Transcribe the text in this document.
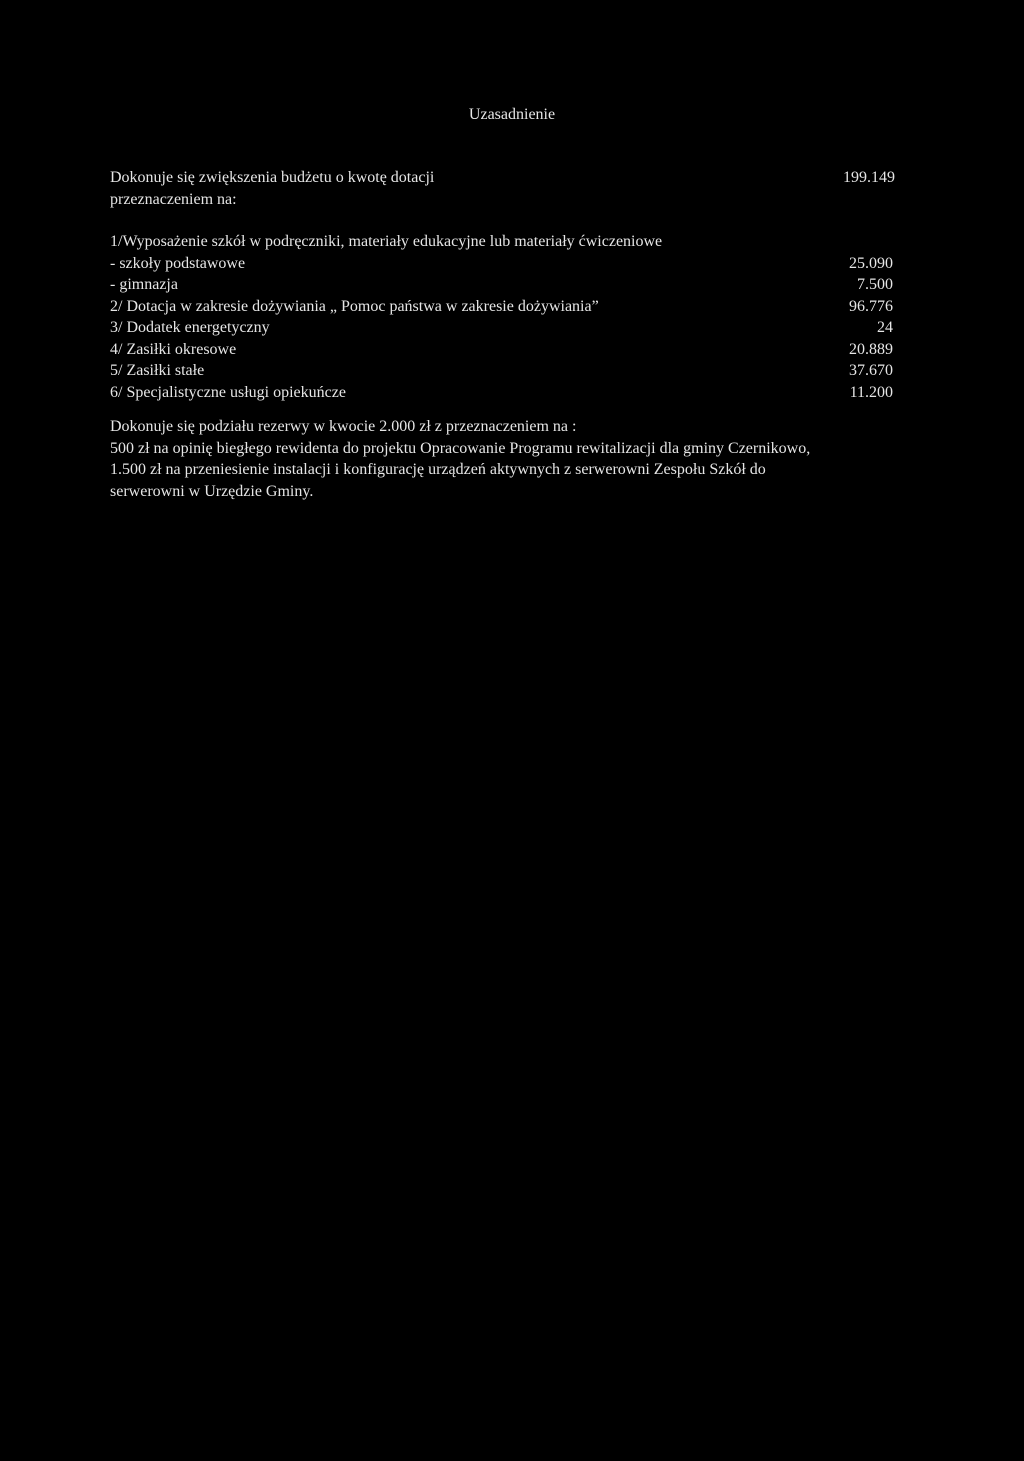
Uzasadnienie
Dokonuje się zwiększenia budżetu o kwotę dotacji	199.149
przeznaczeniem na:
1/Wyposażenie szkół w podręczniki, materiały edukacyjne lub materiały ćwiczeniowe
- szkoły podstawowe	25.090
- gimnazja	7.500
2/ Dotacja w zakresie dożywiania „ Pomoc państwa w zakresie dożywiania”	96.776
3/ Dodatek energetyczny	24
4/ Zasiłki okresowe	20.889
5/ Zasiłki stałe	37.670
6/ Specjalistyczne usługi opiekuńcze	11.200
Dokonuje się podziału rezerwy w kwocie 2.000 zł z przeznaczeniem na :
500 zł na opinię biegłego rewidenta do projektu Opracowanie Programu rewitalizacji dla gminy Czernikowo,
1.500 zł na przeniesienie instalacji i konfigurację urządzeń aktywnych z serwerowni Zespołu Szkół do
serwerowni w Urzędzie Gminy.
